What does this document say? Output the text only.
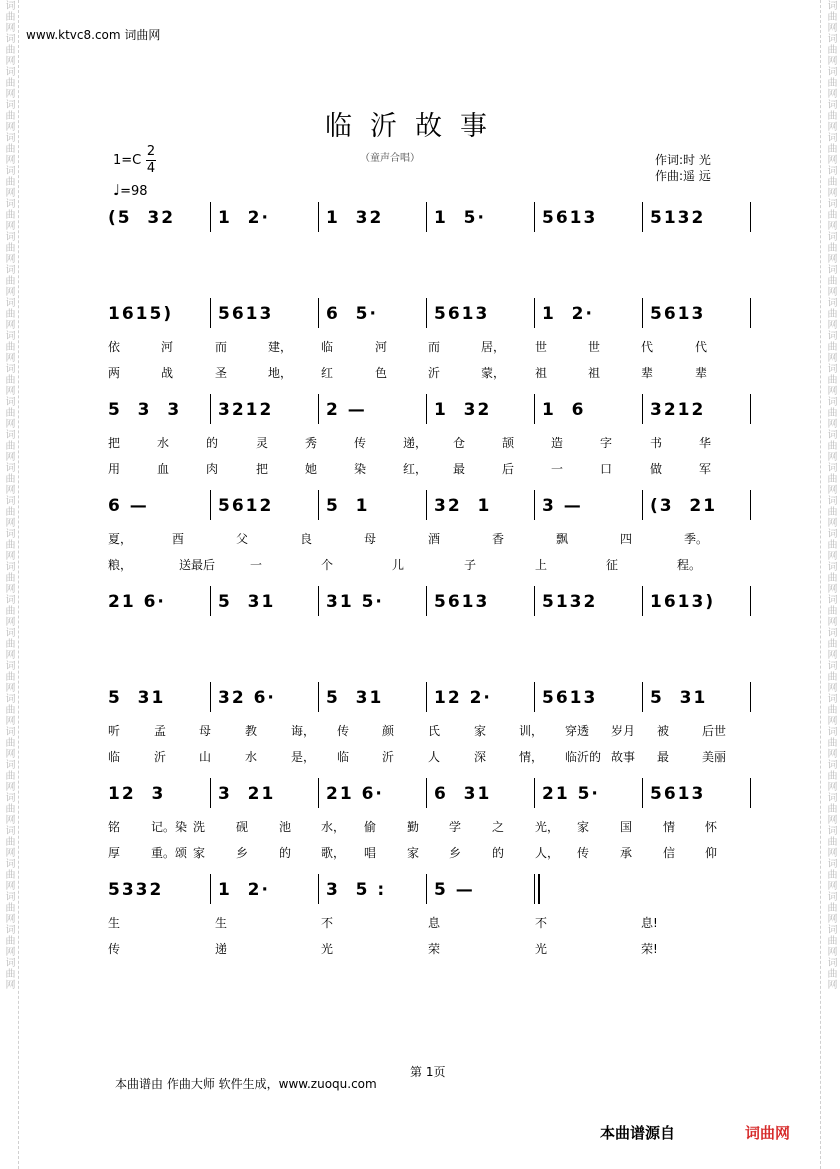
词曲网词曲网词曲网词曲网词曲网词曲网词曲网词曲网词曲网词曲网词曲网词曲网词曲网词曲网词曲网词曲网词曲网词曲网词曲网词曲网词曲网词曲网词曲网词曲网词曲网词曲网词曲网词曲网词曲网词曲网	词曲网词曲网词曲网词曲网词曲网词曲网词曲网词曲网词曲网词曲网词曲网词曲网词曲网词曲网词曲网词曲网词曲网词曲网词曲网词曲网词曲网词曲网词曲网词曲网词曲网词曲网词曲网词曲网词曲网词曲网
www.ktvc8.com 词曲网
临沂故事
（童声合唱）
1=C
2
4
♩=98
作词:时 光
作曲:遥 远
(5  32	1  2·	1  32	1  5·	5613	5132
1615)	5613	6  5·	5613	1  2·	5613
依	河	而	建， 临	河	而	居， 世	世	代	代
两	战	圣	地， 红	色	沂	蒙， 祖	祖	辈	辈
5  3  3 3212	2 —	1  32	1  6	3212
把	水	的	灵	秀	传	递， 仓	颉	造	字	书	华
用	血	肉	把	她	染	红， 最	后	一	口	做	军
6 —	5612	5  1	32  1	3 —	(3  21
夏，	酉	父	良	母	酒	香	飘	四	季。
粮，	送最后	一	个	儿	子	上	征	程。
21 6·	5  31	31 5·	5613	5132	1613)
5  31	32 6·	5  31	12 2·	5613	5  31
听	孟	母	教	诲， 传	颜	氏	家	训， 穿透 岁月 被	后世
临	沂	山	水	是， 临	沂	人	深	情， 临沂的 故事 最	美丽
12  3	3  21	21 6·	6  31	21 5·	5613
铭	记。染 洗	砚	池 水， 偷	勤 学	之	光， 家	国	情 怀
厚	重。颂 家	乡	的 歌， 唱	家 乡	的	人， 传	承	信 仰
5332	1  2·	3  5 :	5 —
生	生	不	息	不	息!
传	递	光	荣	光	荣!
第 1页
本曲谱由 作曲大师 软件生成，www.zuoqu.com
本曲谱源自	词曲网
